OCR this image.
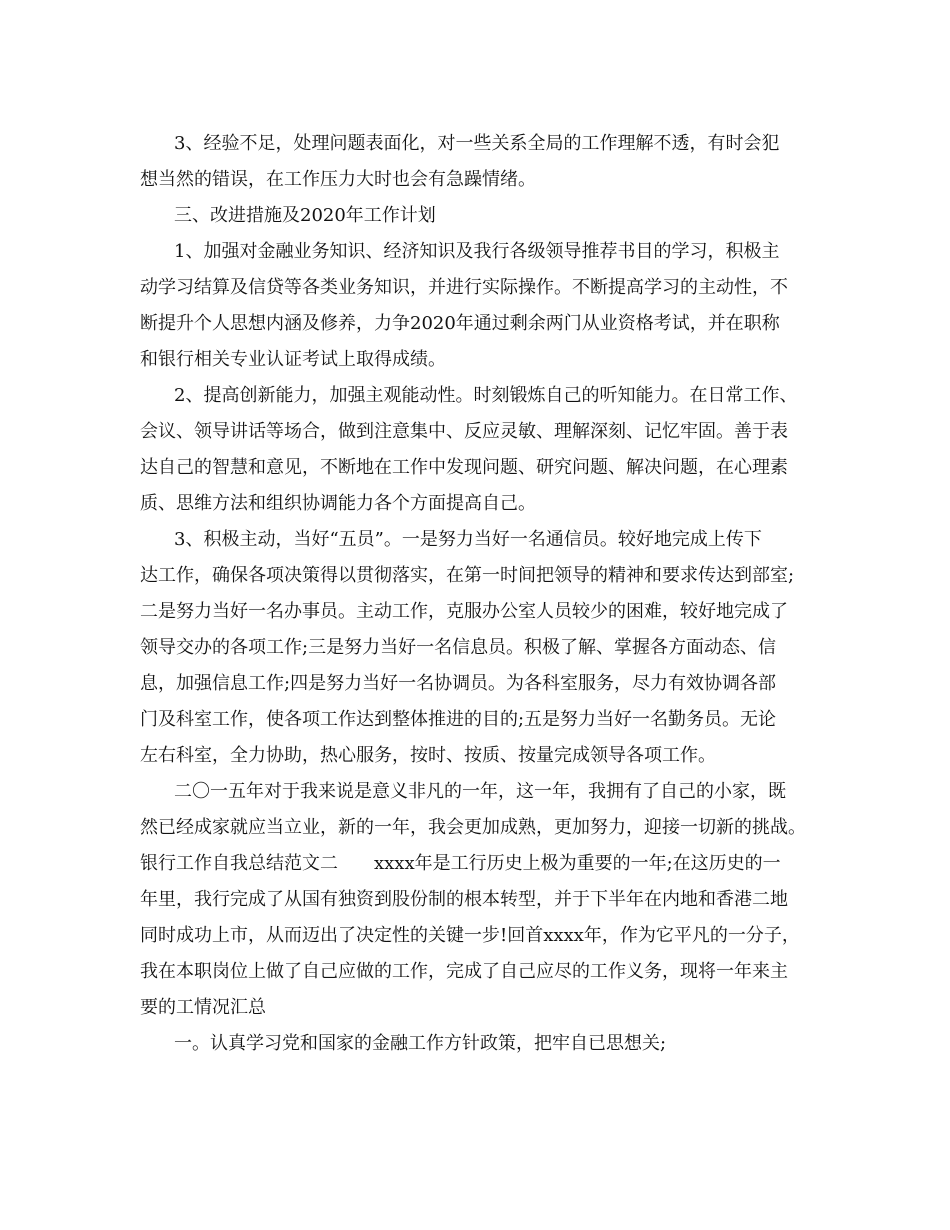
3、经验不足，处理问题表面化，对一些关系全局的工作理解不透，有时会犯
想当然的错误，在工作压力大时也会有急躁情绪。
三、改进措施及2020年工作计划
1、加强对金融业务知识、经济知识及我行各级领导推荐书目的学习，积极主
动学习结算及信贷等各类业务知识，并进行实际操作。不断提高学习的主动性，不
断提升个人思想内涵及修养，力争2020年通过剩余两门从业资格考试，并在职称
和银行相关专业认证考试上取得成绩。
2、提高创新能力，加强主观能动性。时刻锻炼自己的听知能力。在日常工作、
会议、领导讲话等场合，做到注意集中、反应灵敏、理解深刻、记忆牢固。善于表
达自己的智慧和意见，不断地在工作中发现问题、研究问题、解决问题，在心理素
质、思维方法和组织协调能力各个方面提高自己。
3、积极主动，当好“五员”。一是努力当好一名通信员。较好地完成上传下
达工作，确保各项决策得以贯彻落实，在第一时间把领导的精神和要求传达到部室;
二是努力当好一名办事员。主动工作，克服办公室人员较少的困难，较好地完成了
领导交办的各项工作;三是努力当好一名信息员。积极了解、掌握各方面动态、信
息，加强信息工作;四是努力当好一名协调员。为各科室服务，尽力有效协调各部
门及科室工作，使各项工作达到整体推进的目的;五是努力当好一名勤务员。无论
左右科室，全力协助，热心服务，按时、按质、按量完成领导各项工作。
二〇一五年对于我来说是意义非凡的一年，这一年，我拥有了自己的小家，既
然已经成家就应当立业，新的一年，我会更加成熟，更加努力，迎接一切新的挑战。
银行工作自我总结范文二　　xxxx年是工行历史上极为重要的一年;在这历史的一
年里，我行完成了从国有独资到股份制的根本转型，并于下半年在内地和香港二地
同时成功上市，从而迈出了决定性的关键一步!回首xxxx年，作为它平凡的一分子，
我在本职岗位上做了自己应做的工作，完成了自己应尽的工作义务，现将一年来主
要的工情况汇总
一。认真学习党和国家的金融工作方针政策，把牢自已思想关;
